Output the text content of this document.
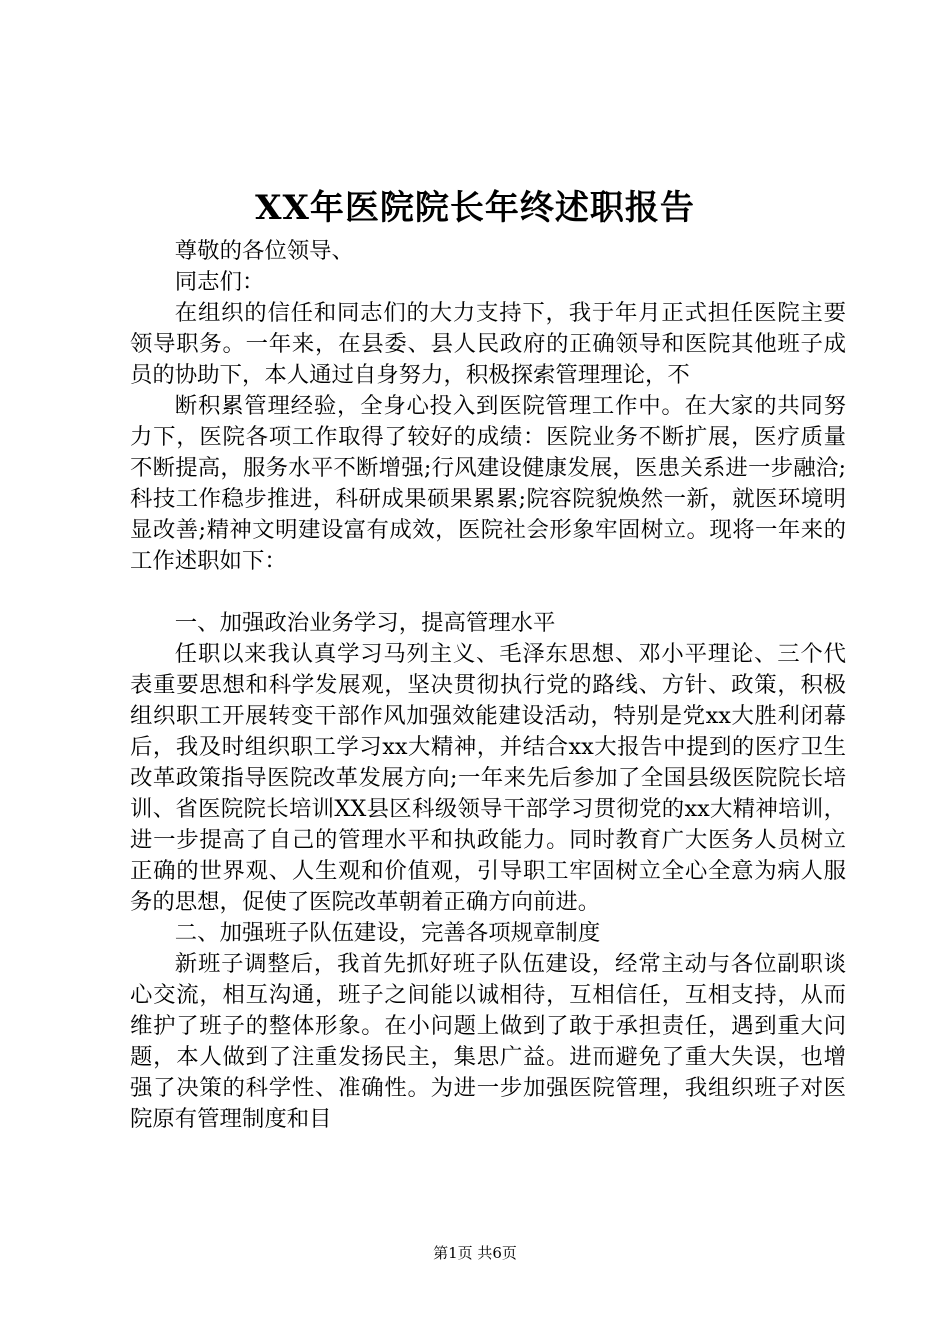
XX年医院院长年终述职报告

尊敬的各位领导、

同志们：

在组织的信任和同志们的大力支持下，我于年月正式担任医院主要领导职务。一年来，在县委、县人民政府的正确领导和医院其他班子成员的协助下，本人通过自身努力，积极探索管理理论，不

断积累管理经验，全身心投入到医院管理工作中。在大家的共同努力下，医院各项工作取得了较好的成绩：医院业务不断扩展，医疗质量不断提高，服务水平不断增强;行风建设健康发展，医患关系进一步融洽;科技工作稳步推进，科研成果硕果累累;院容院貌焕然一新，就医环境明显改善;精神文明建设富有成效，医院社会形象牢固树立。现将一年来的工作述职如下：

一、加强政治业务学习，提高管理水平

任职以来我认真学习马列主义、毛泽东思想、邓小平理论、三个代表重要思想和科学发展观，坚决贯彻执行党的路线、方针、政策，积极组织职工开展转变干部作风加强效能建设活动，特别是党xx大胜利闭幕后，我及时组织职工学习xx大精神，并结合xx大报告中提到的医疗卫生改革政策指导医院改革发展方向;一年来先后参加了全国县级医院院长培训、省医院院长培训XX县区科级领导干部学习贯彻党的xx大精神培训，进一步提高了自己的管理水平和执政能力。同时教育广大医务人员树立正确的世界观、人生观和价值观，引导职工牢固树立全心全意为病人服务的思想，促使了医院改革朝着正确方向前进。

二、加强班子队伍建设，完善各项规章制度

新班子调整后，我首先抓好班子队伍建设，经常主动与各位副职谈心交流，相互沟通，班子之间能以诚相待，互相信任，互相支持，从而维护了班子的整体形象。在小问题上做到了敢于承担责任，遇到重大问题，本人做到了注重发扬民主，集思广益。进而避免了重大失误，也增强了决策的科学性、准确性。为进一步加强医院管理，我组织班子对医院原有管理制度和目

第1页 共6页
